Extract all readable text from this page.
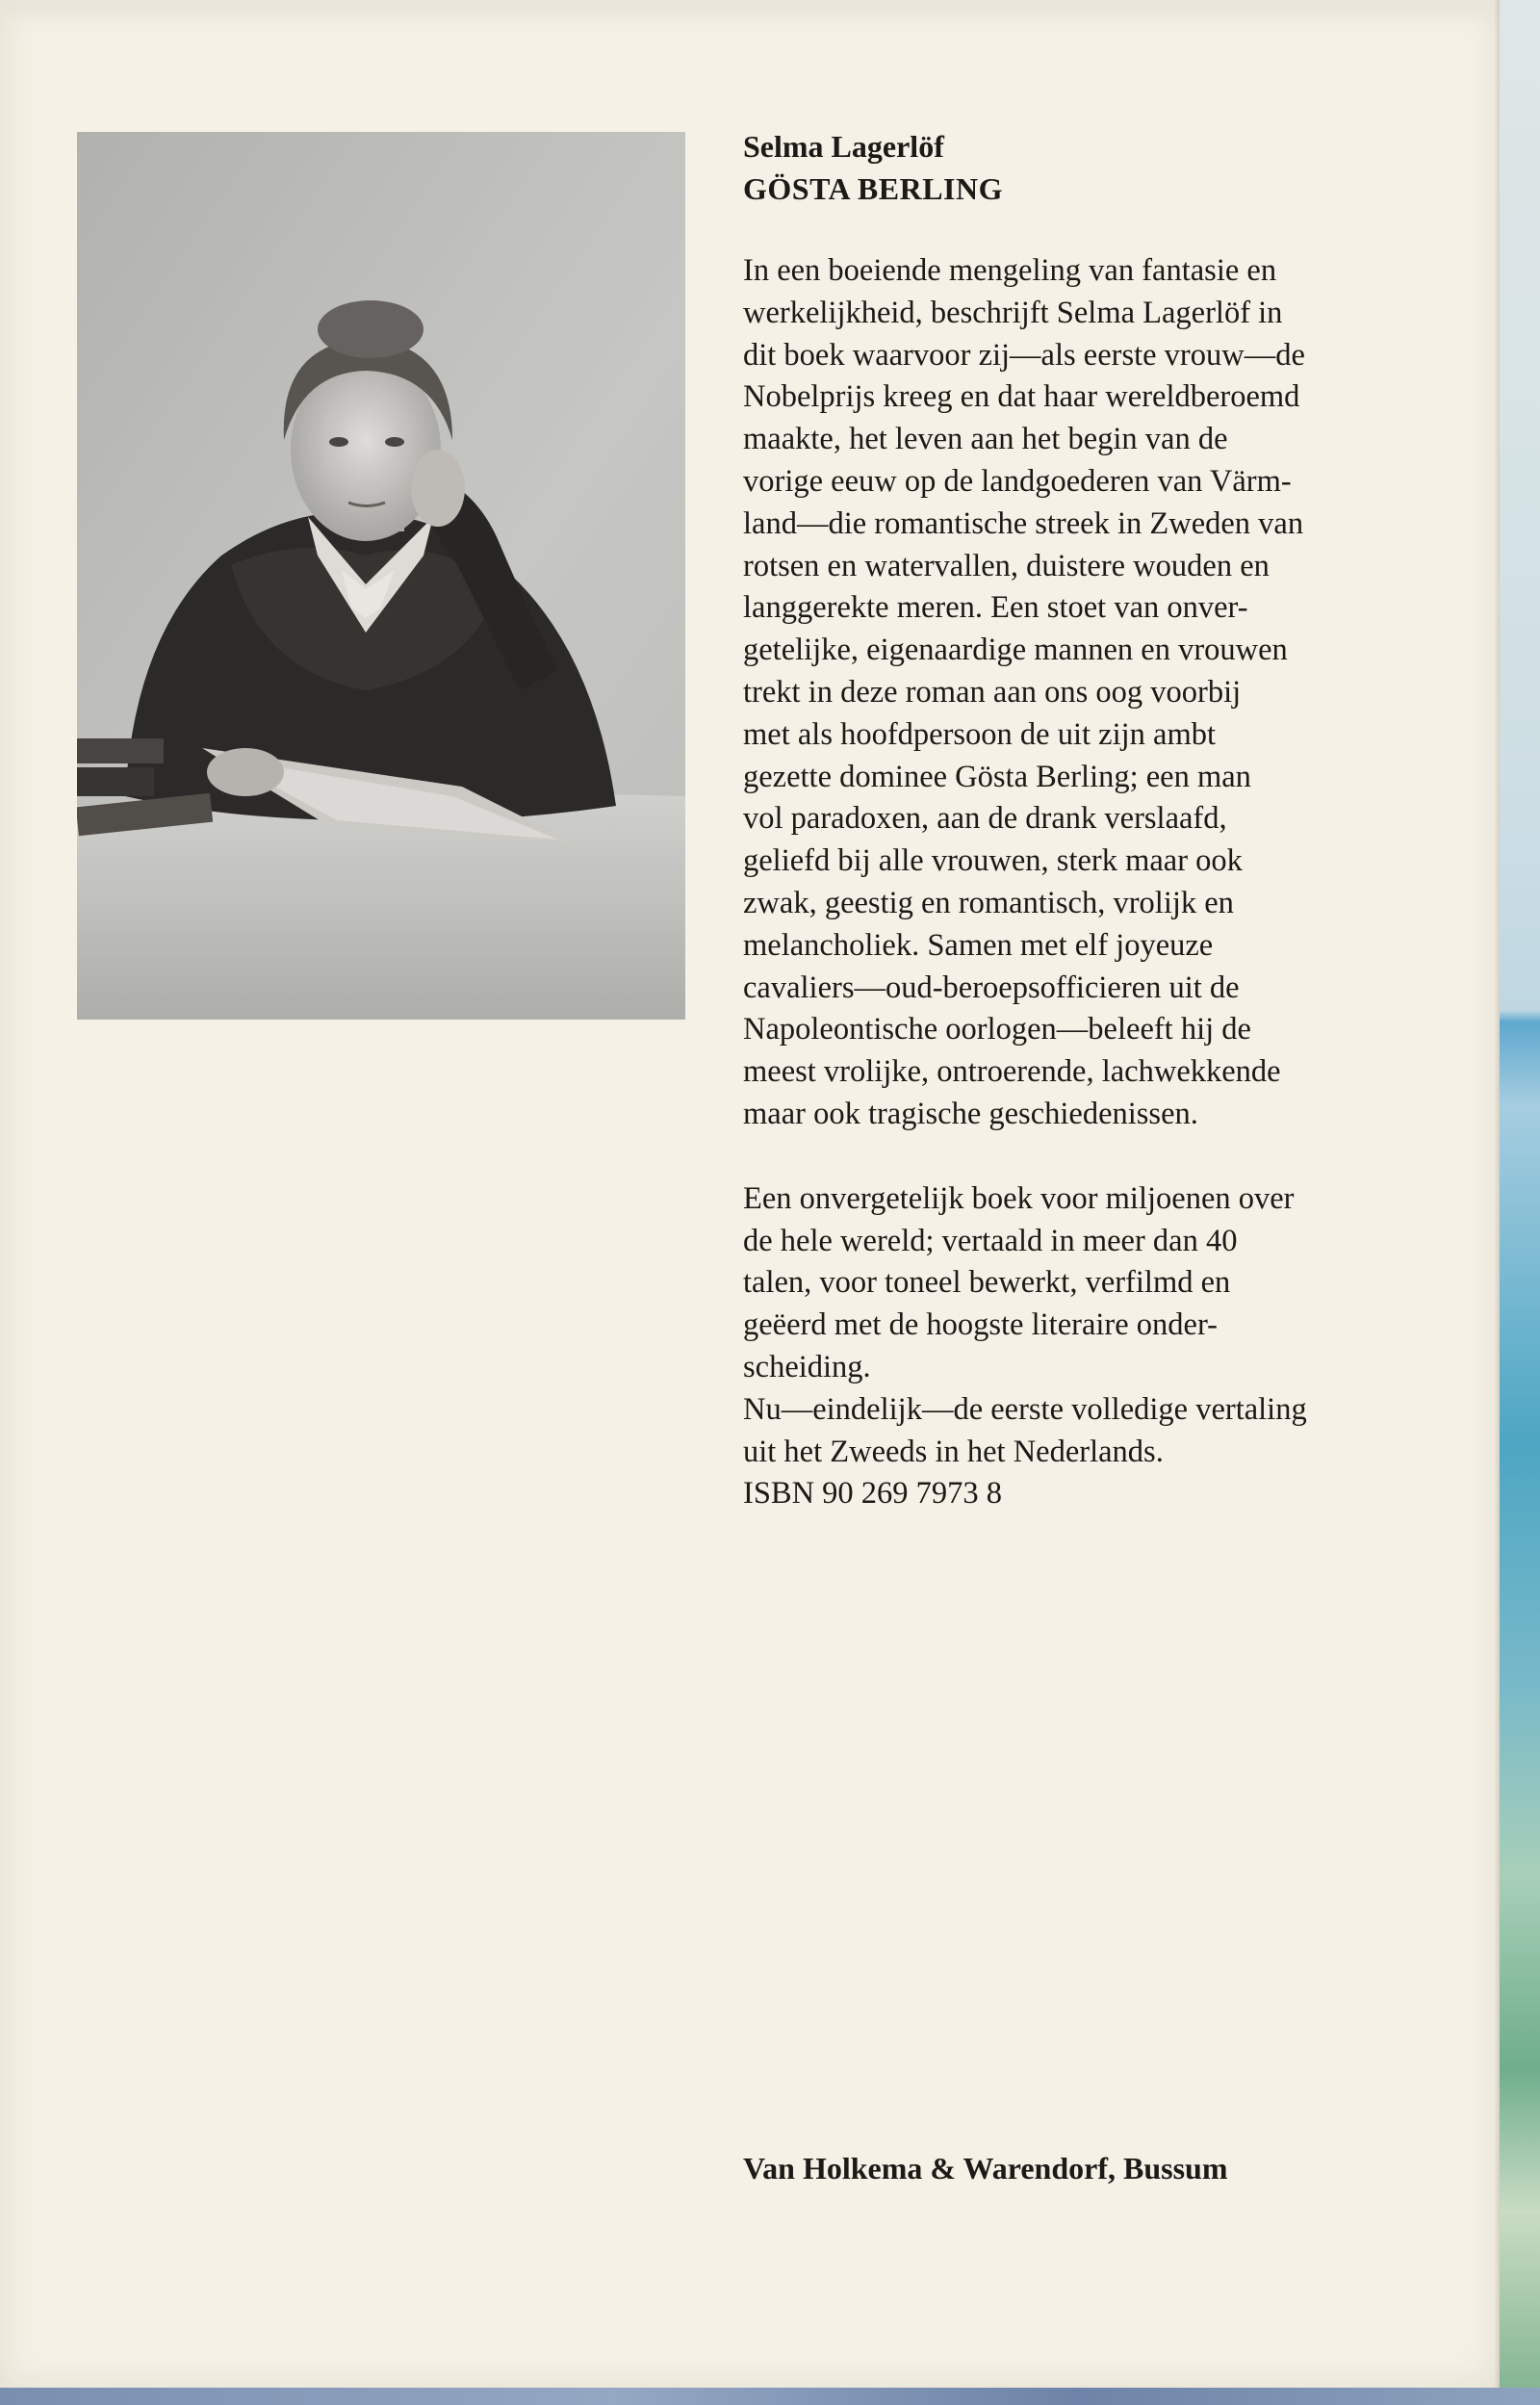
Selma Lagerlöf

GÖSTA BERLING

In een boeiende mengeling van fantasie en
werkelijkheid, beschrijft Selma Lagerlöf in
dit boek waarvoor zij—als eerste vrouw—de
Nobelprijs kreeg en dat haar wereldberoemd
maakte, het leven aan het begin van de
vorige eeuw op de landgoederen van Värm-
land—die romantische streek in Zweden van
rotsen en watervallen, duistere wouden en
langgerekte meren. Een stoet van onver-
getelijke, eigenaardige mannen en vrouwen
trekt in deze roman aan ons oog voorbij
met als hoofdpersoon de uit zijn ambt
gezette dominee Gösta Berling; een man
vol paradoxen, aan de drank verslaafd,
geliefd bij alle vrouwen, sterk maar ook
zwak, geestig en romantisch, vrolijk en
melancholiek. Samen met elf joyeuze
cavaliers—oud-beroepsofficieren uit de
Napoleontische oorlogen—beleeft hij de
meest vrolijke, ontroerende, lachwekkende
maar ook tragische geschiedenissen.

Een onvergetelijk boek voor miljoenen over
de hele wereld; vertaald in meer dan 40
talen, voor toneel bewerkt, verfilmd en
geëerd met de hoogste literaire onder-
scheiding.
Nu—eindelijk—de eerste volledige vertaling
uit het Zweeds in het Nederlands.
ISBN 90 269 7973 8

Van Holkema & Warendorf, Bussum
